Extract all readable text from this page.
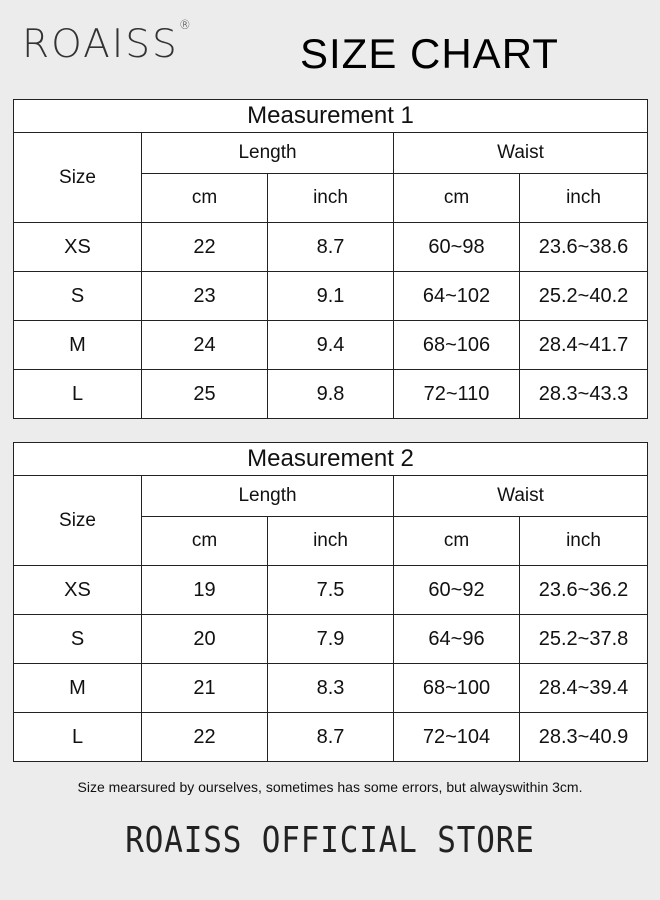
ROAISS®
SIZE CHART
Measurement 1				
Size	Length		Waist	
	cm	inch	cm	inch
XS	22	8.7	60~98	23.6~38.6
S	23	9.1	64~102	25.2~40.2
M	24	9.4	68~106	28.4~41.7
L	25	9.8	72~110	28.3~43.3
Measurement 2				
Size	Length		Waist	
	cm	inch	cm	inch
XS	19	7.5	60~92	23.6~36.2
S	20	7.9	64~96	25.2~37.8
M	21	8.3	68~100	28.4~39.4
L	22	8.7	72~104	28.3~40.9
Size mearsured by ourselves, sometimes has some errors, but alwayswithin 3cm.
ROAISS OFFICIAL STORE
